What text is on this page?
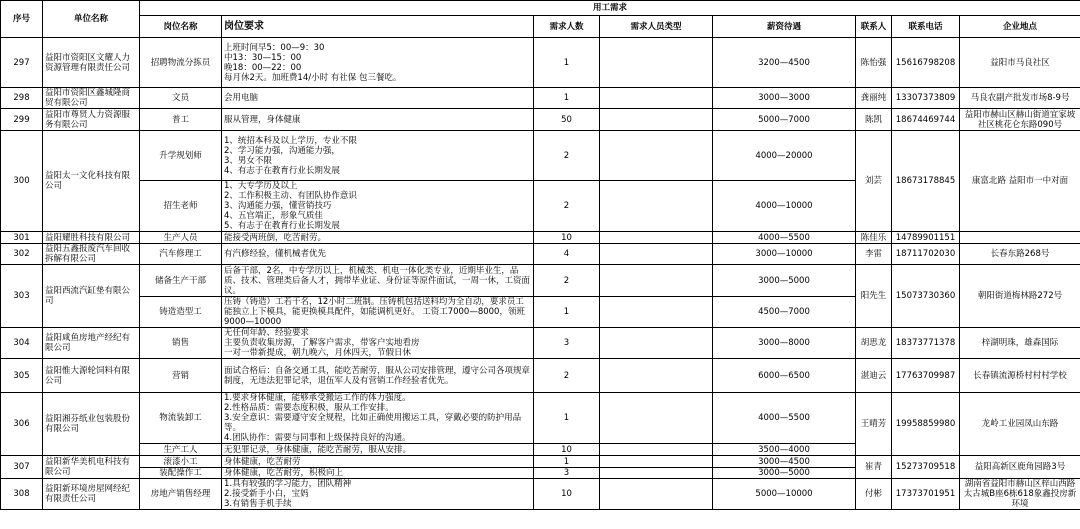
序号	单位名称	用工需求							
		岗位名称	岗位要求	需求人数	需求人员类型	薪资待遇	联系人	联系电话	企业地点
297	益阳市资阳区文耀人力资源管理有限责任公司	招聘物流分拣员	上班时间早5：00—9：30
中13：30—15：00
晚18：00—22：00
每月休2天。加班费14/小时 有社保 包三餐吃。	1		3200—4500	陈怡强	15616798208	益阳市马良社区
298	益阳市资阳区鑫城隆商贸有限公司	文员	会用电脑	1		3000—3000	龚丽纯	13307373809	马良农副产批发市场8-9号
299	益阳市尊贤人力资源服务有限公司	普工	服从管理，身体健康	50		5000—7000	陈凯	18674469744	益阳市赫山区赫山街道宜家坡社区桃花仑东路090号
300	益阳太一文化科技有限公司	升学规划师	1、统招本科及以上学历，专业不限
2、学习能力强，沟通能力强，
3、男女不限
4、有志于在教育行业长期发展	2		4000—20000	刘芸	18673178845	康富北路 益阳市一中对面
		招生老师	1、大专学历及以上
2、工作积极主动、有团队协作意识
3、沟通能力强，懂营销技巧
4、五官端正，形象气质佳
5、有志于在教育行业长期发展	2		4000—10000			
301	益阳耀胜科技有限公司	生产人员	能接受两班倒，吃苦耐劳。	10		4000—5500	陈佳乐	14789901151	
302	益阳五鑫报废汽车回收拆解有限公司	汽车修理工	有汽修经验，懂机械者优先	4		3000—10000	李雷	18711702030	长春东路268号
303	益阳西流汽缸垫有限公司	储备生产干部	后备干部，2名，中专学历以上，机械类、机电一体化类专业，近期毕业生，品质、技术、管理类后备人才，拥带毕业证、身份证等原件面试，一周一休，工资面议。	2		3000—5000	阳先生	15073730360	朝阳街道梅林路272号
		铸造造型工	压铸（铸造）工若干名，12小时二班制。压铸机包括送料均为全自动，要求员工能独立上下模具，能更换模具配件，如能调机更好。 工资工7000—8000，领班9000—10000	1		4500—7000			
304	益阳咸鱼房地产经纪有限公司	销售	无任何年龄、经验要求
主要负责收集房源，了解客户需求，带客户实地看房
一对一带新提成，朝九晚六，月休四天，节假日休	3		3000—8000	胡思龙	18373771378	梓湖明珠，雄森国际
305	益阳惟大源轮饲料有限公司	营销	面试合格后：自备交通工具，能吃苦耐劳，服从公司安排管理，遵守公司各项规章制度，无违法犯罪记录，退伍军人及有营销工作经验者优先。	2		6000—6500	湛迪云	17763709987	长春镇流源桥村村村学校
306	益阳湘芬纸业包装股份有限公司	物流装卸工	1.要求身体健康，能够承受搬运工作的体力强度。
2.性格品质：需要态度积极，服从工作安排。
3.安全意识：需要遵守安全规程，比如正确使用搬运工具，穿戴必要的防护用品等。
4.团队协作：需要与同事和上级保持良好的沟通。	1		4000—5500	王晴芳	19958859980	龙岭工业园凤山东路
		生产工人	无犯罪记录，身体健康，能吃苦耐劳，服从安排。	10		3500—4000			
307	益阳新华美机电科技有限公司	滚漆小工	身体健康，吃苦耐劳	1		3000—4500	崔青	15273709518	益阳高新区鹿角园路3号
		装配操作工	身体健康，吃苦耐劳，积极向上	3		3000—5000			
308	益阳新环境房屋网经纪有限责任公司	房地产销售经理	1.具有较强的学习能力，团队精神
2.接受新手小白，宝妈
3.有销售手机手续	10		5000—10000	付彬	17373701951	湖南省益阳市赫山区梓山西路太古城B座6栋618象鑫投房新环境
